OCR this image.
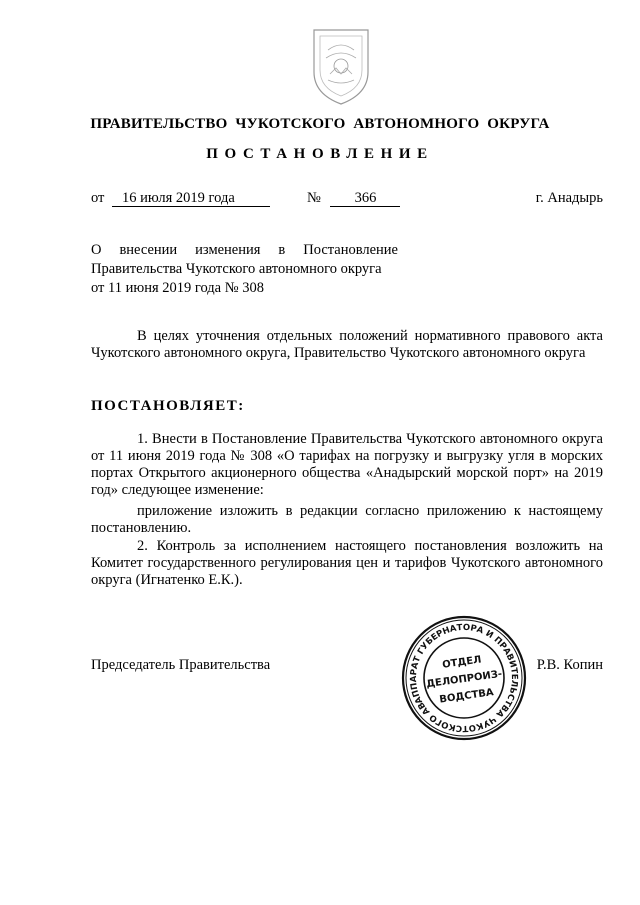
ПРАВИТЕЛЬСТВО ЧУКОТСКОГО АВТОНОМНОГО ОКРУГА
ПОСТАНОВЛЕНИЕ
от 16 июля 2019 года	№ 366	г. Анадырь
О внесении изменения в Постановление
Правительства Чукотского автономного округа
от 11 июня 2019 года № 308
В целях уточнения отдельных положений нормативного правового акта Чукотского автономного округа, Правительство Чукотского автономного округа
ПОСТАНОВЛЯЕТ:
1. Внести в Постановление Правительства Чукотского автономного округа от 11 июня 2019 года № 308 «О тарифах на погрузку и выгрузку угля в морских портах Открытого акционерного общества «Анадырский морской порт» на 2019 год» следующее изменение:
приложение изложить в редакции согласно приложению к настоящему постановлению.
2. Контроль за исполнением настоящего постановления возложить на Комитет государственного регулирования цен и тарифов Чукотского автономного округа (Игнатенко Е.К.).
Председатель Правительства	Р.В. Копин
АППАРАТ ГУБЕРНАТОРА И ПРАВИТЕЛЬСТВА ЧУКОТСКОГО АВТОНОМНОГО
ОТДЕЛ
ДЕЛОПРОИЗ-
ВОДСТВА
